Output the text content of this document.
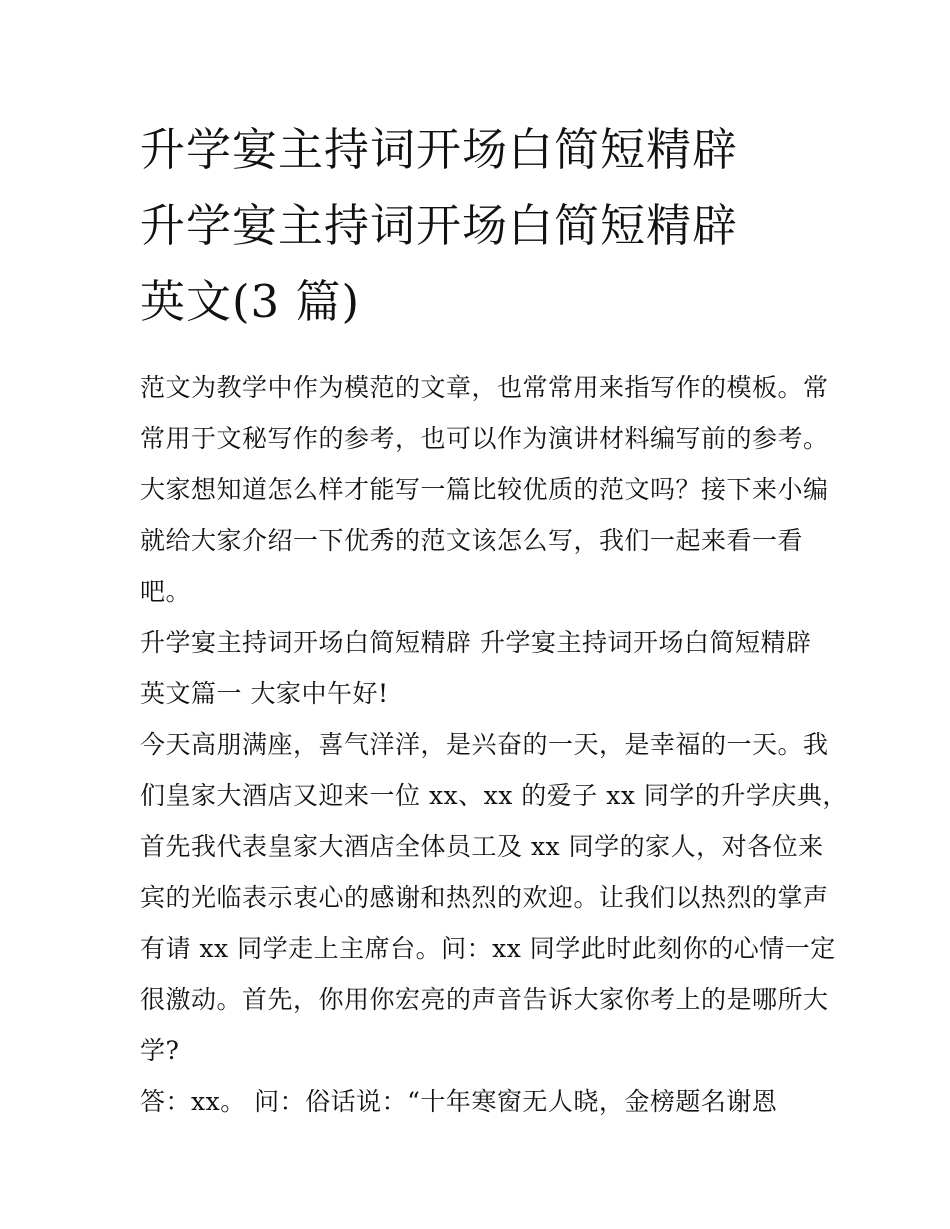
升学宴主持词开场白简短精辟
升学宴主持词开场白简短精辟
英文(3 篇)

范文为教学中作为模范的文章，也常常用来指写作的模板。常
常用于文秘写作的参考，也可以作为演讲材料编写前的参考。
大家想知道怎么样才能写一篇比较优质的范文吗？接下来小编
就给大家介绍一下优秀的范文该怎么写，我们一起来看一看
吧。

升学宴主持词开场白简短精辟 升学宴主持词开场白简短精辟
英文篇一 大家中午好!

今天高朋满座，喜气洋洋，是兴奋的一天，是幸福的一天。我
们皇家大酒店又迎来一位 xx、xx 的爱子 xx 同学的升学庆典，
首先我代表皇家大酒店全体员工及 xx 同学的家人，对各位来
宾的光临表示衷心的感谢和热烈的欢迎。让我们以热烈的掌声
有请 xx 同学走上主席台。问：xx 同学此时此刻你的心情一定
很激动。首先，你用你宏亮的声音告诉大家你考上的是哪所大
学?

答：xx。 问：俗话说：“十年寒窗无人晓，金榜题名谢恩
